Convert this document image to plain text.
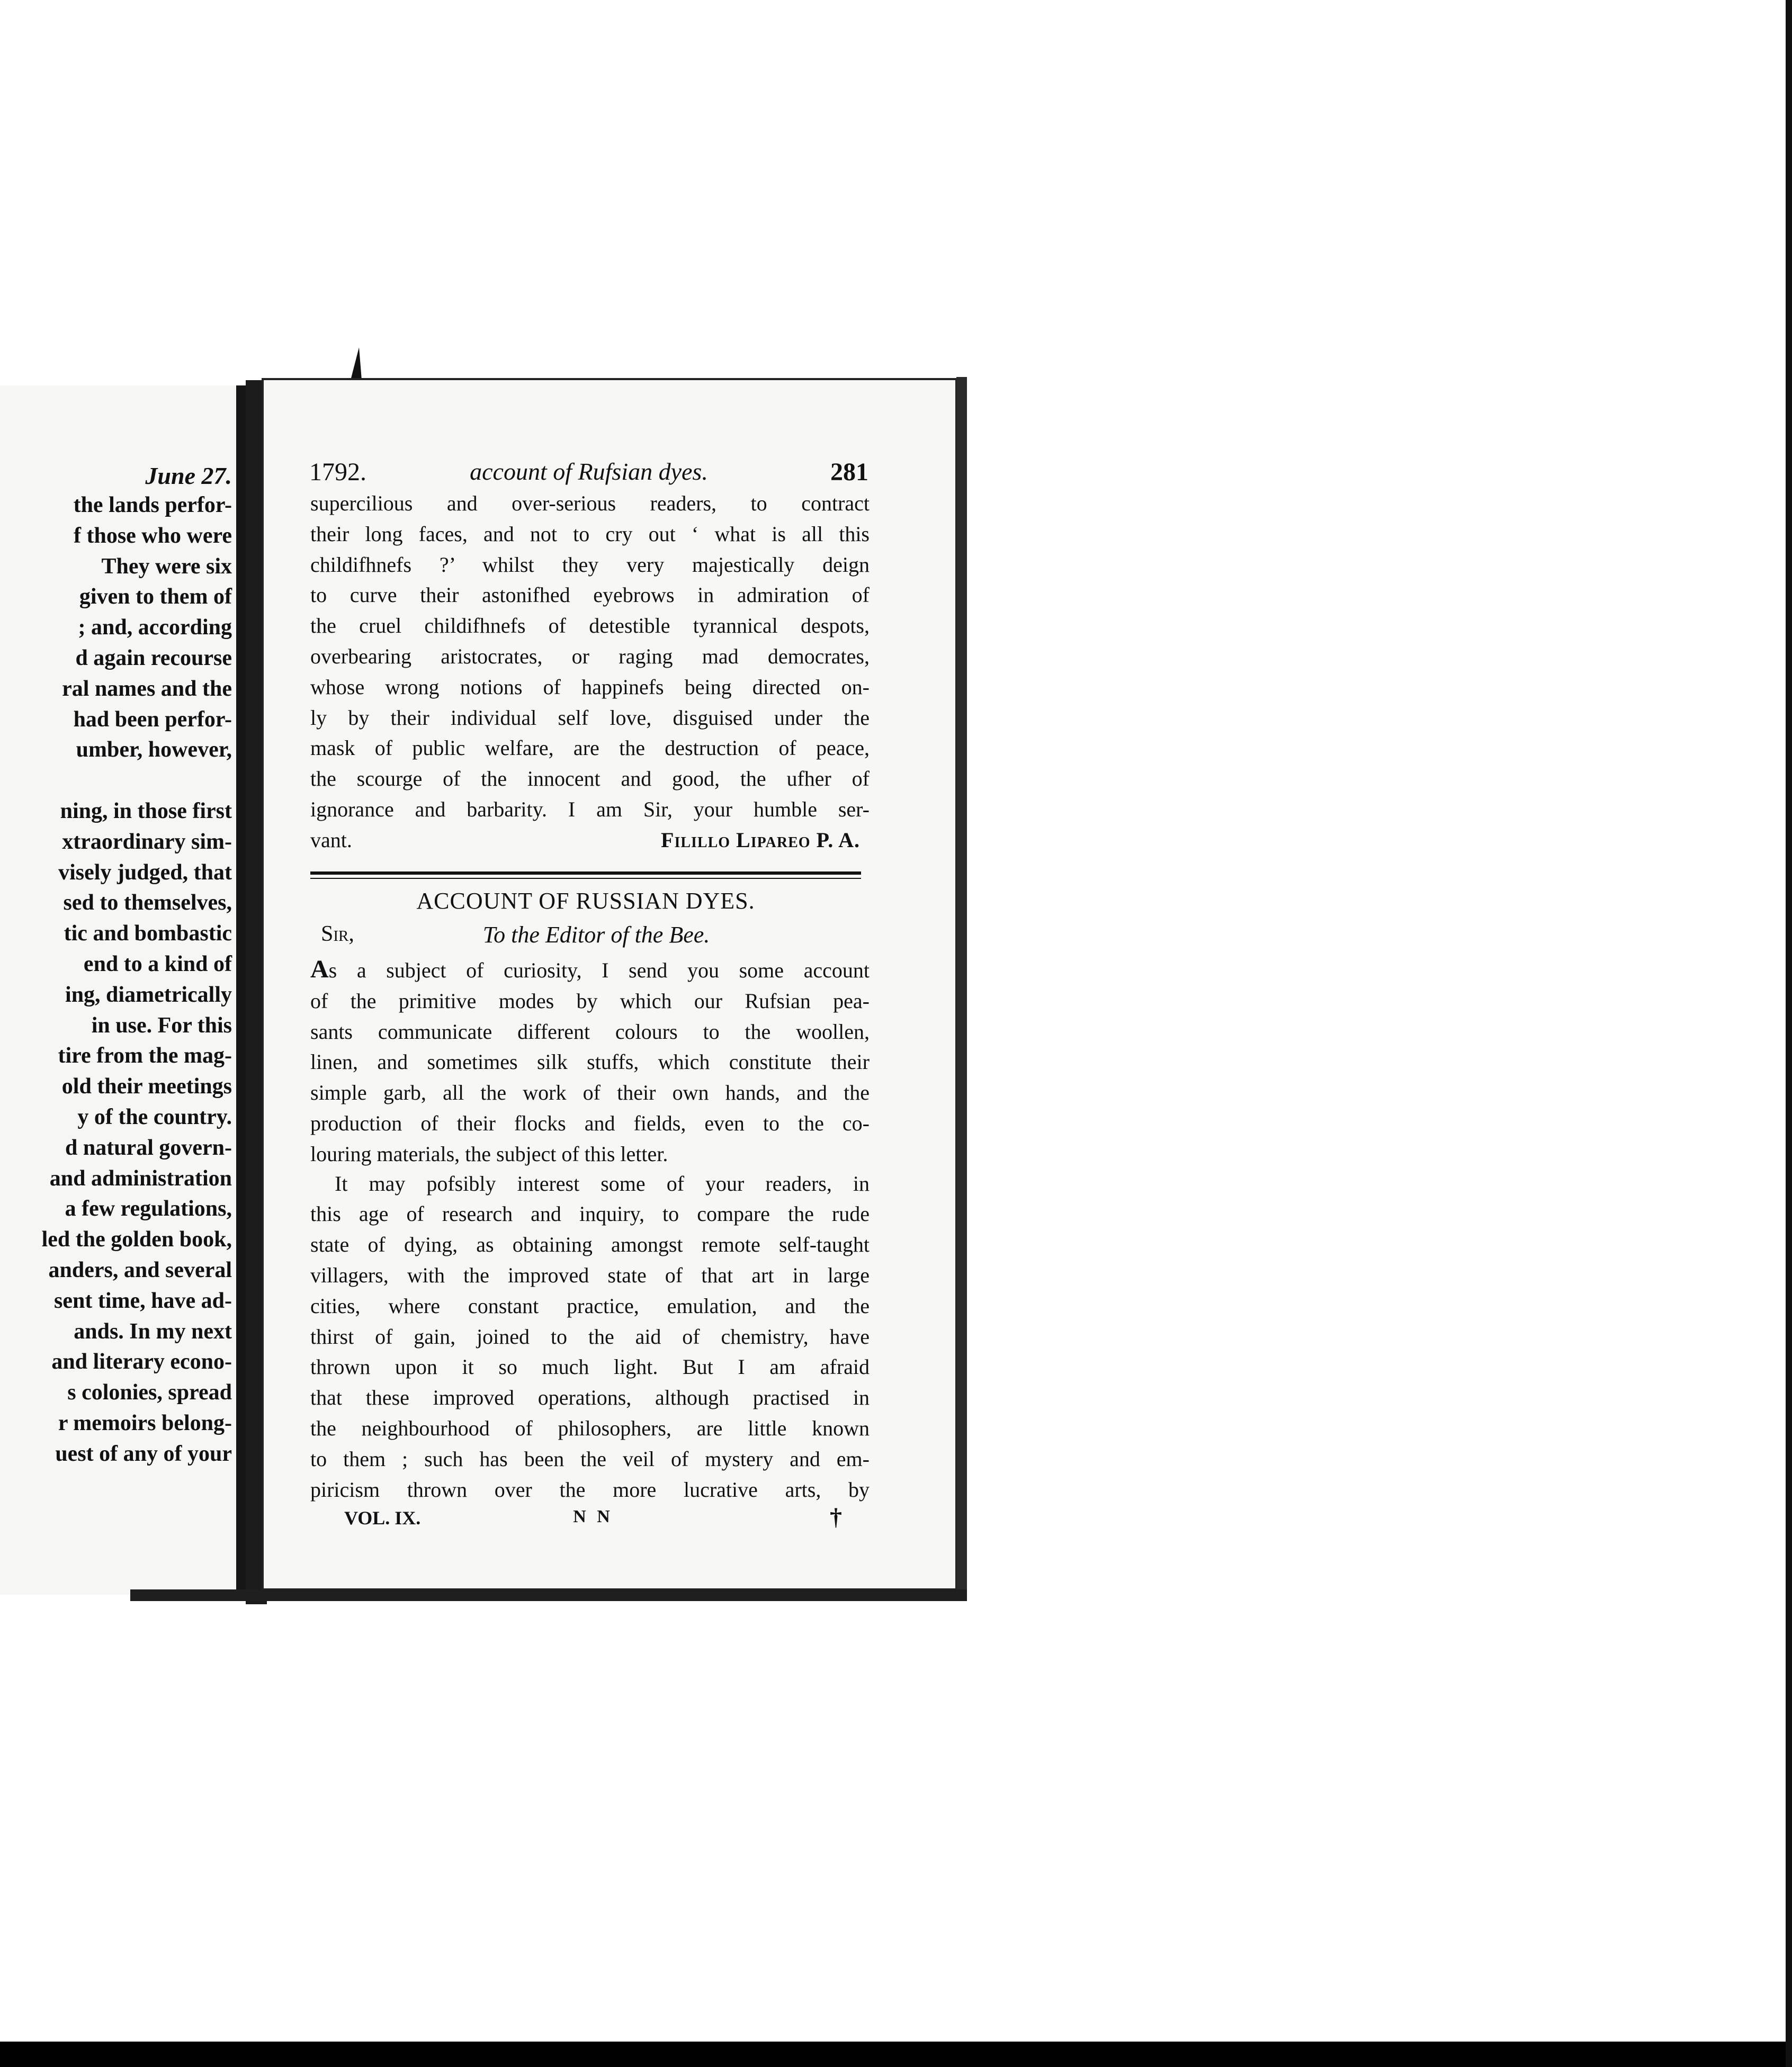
June 27.
the lands perfor-
f those who were
They were six
given to them of
; and, according
d again recourse
ral names and the
had been perfor-
umber, however,

ning, in those first
xtraordinary sim-
visely judged, that
sed to themselves,
tic and bombastic
end to a kind of
ing, diametrically
in use. For this
tire from the mag-
old their meetings
y of the country.
d natural govern-
and administration
a few regulations,
led the golden book,
anders, and several
sent time, have ad-
ands. In my next
and literary econo-
s colonies, spread
r memoirs belong-
uest of any of your
1792.	account of Rufsian dyes.	281
supercilious and over-serious readers, to contract
their long faces, and not to cry out ‘ what is all this
childifhnefs ?’ whilst they very majestically deign
to curve their astonifhed eyebrows in admiration of
the cruel childifhnefs of detestible tyrannical despots,
overbearing aristocrates, or raging mad democrates,
whose wrong notions of happinefs being directed on-
ly by their individual self love, disguised under the
mask of public welfare, are the destruction of peace,
the scourge of the innocent and good, the ufher of
ignorance and barbarity. I am Sir, your humble ser-
vant.	Filillo Lipareo P. A.
ACCOUNT OF RUSSIAN DYES.
Sir,	To the Editor of the Bee.
As a subject of curiosity, I send you some account
of the primitive modes by which our Rufsian pea-
sants communicate different colours to the woollen,
linen, and sometimes silk stuffs, which constitute their
simple garb, all the work of their own hands, and the
production of their flocks and fields, even to the co-
louring materials, the subject of this letter.
It may pofsibly interest some of your readers, in
this age of research and inquiry, to compare the rude
state of dying, as obtaining amongst remote self-taught
villagers, with the improved state of that art in large
cities, where constant practice, emulation, and the
thirst of gain, joined to the aid of chemistry, have
thrown upon it so much light. But I am afraid
that these improved operations, although practised in
the neighbourhood of philosophers, are little known
to them ; such has been the veil of mystery and em-
piricism thrown over the more lucrative arts, by
VOL. IX.	N N	†
